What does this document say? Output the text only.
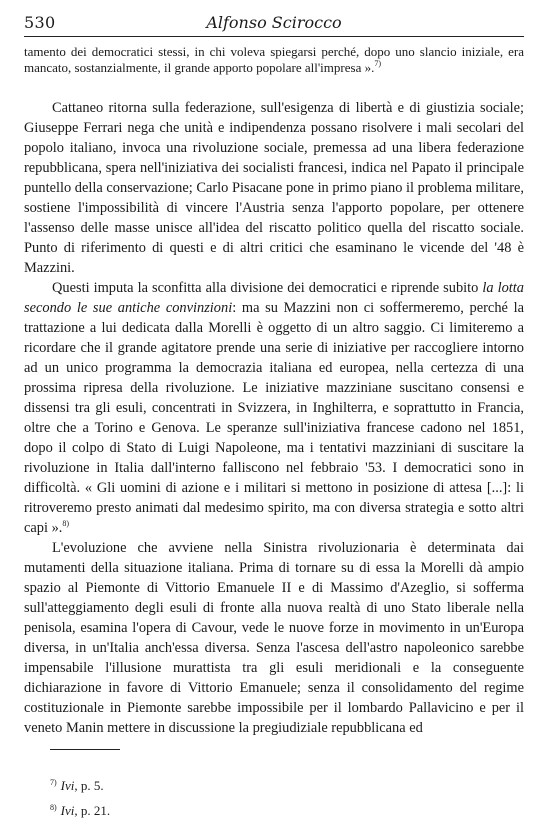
530	Alfonso Scirocco

tamento dei democratici stessi, in chi voleva spiegarsi perché, dopo uno slancio iniziale, era mancato, sostanzialmente, il grande apporto popolare all'impresa ».$^{7)}$

Cattaneo ritorna sulla federazione, sull'esigenza di libertà e di giustizia sociale; Giuseppe Ferrari nega che unità e indipendenza possano risolvere i mali secolari del popolo italiano, invoca una rivoluzione sociale, premessa ad una libera federazione repubblicana, spera nell'iniziativa dei socialisti francesi, indica nel Papato il principale puntello della conservazione; Carlo Pisacane pone in primo piano il problema militare, sostiene l'impossibilità di vincere l'Austria senza l'apporto popolare, per ottenere l'assenso delle masse unisce all'idea del riscatto politico quella del riscatto sociale. Punto di riferimento di questi e di altri critici che esaminano le vicende del '48 è Mazzini.

Questi imputa la sconfitta alla divisione dei democratici e riprende subito la lotta secondo le sue antiche convinzioni: ma su Mazzini non ci soffermeremo, perché la trattazione a lui dedicata dalla Morelli è oggetto di un altro saggio. Ci limiteremo a ricordare che il grande agitatore prende una serie di iniziative per raccogliere intorno ad un unico programma la democrazia italiana ed europea, nella certezza di una prossima ripresa della rivoluzione. Le iniziative mazziniane suscitano consensi e dissensi tra gli esuli, concentrati in Svizzera, in Inghilterra, e soprattutto in Francia, oltre che a Torino e Genova. Le speranze sull'iniziativa francese cadono nel 1851, dopo il colpo di Stato di Luigi Napoleone, ma i tentativi mazziniani di suscitare la rivoluzione in Italia dall'interno falliscono nel febbraio '53. I democratici sono in difficoltà. « Gli uomini di azione e i militari si mettono in posizione di attesa [...]: li ritroveremo presto animati dal medesimo spirito, ma con diversa strategia e sotto altri capi ».$^{8)}$

L'evoluzione che avviene nella Sinistra rivoluzionaria è determinata dai mutamenti della situazione italiana. Prima di tornare su di essa la Morelli dà ampio spazio al Piemonte di Vittorio Emanuele II e di Massimo d'Azeglio, si sofferma sull'atteggiamento degli esuli di fronte alla nuova realtà di uno Stato liberale nella penisola, esamina l'opera di Cavour, vede le nuove forze in movimento in un'Europa diversa, in un'Italia anch'essa diversa. Senza l'ascesa dell'astro napoleonico sarebbe impensabile l'illusione murattista tra gli esuli meridionali e la conseguente dichiarazione in favore di Vittorio Emanuele; senza il consolidamento del regime costituzionale in Piemonte sarebbe impossibile per il lombardo Pallavicino e per il veneto Manin mettere in discussione la pregiudiziale repubblicana ed

$^{7)}$ Ivi, p. 5.

$^{8)}$ Ivi, p. 21.
